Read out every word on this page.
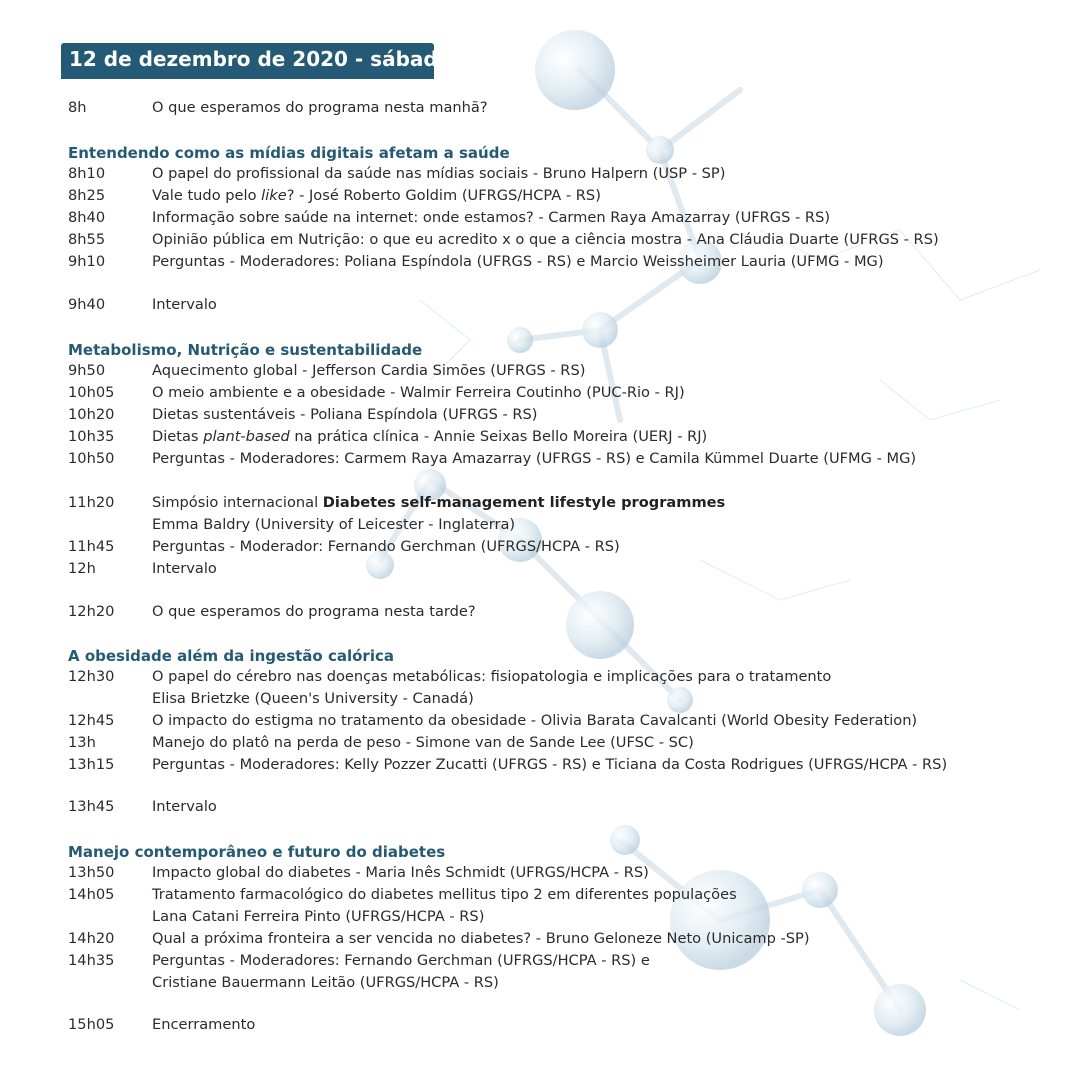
12 de dezembro de 2020 - sábado
8h	O que esperamos do programa nesta manhã?
Entendendo como as mídias digitais afetam a saúde
8h10	O papel do profissional da saúde nas mídias sociais - Bruno Halpern (USP - SP)
8h25	Vale tudo pelo like? - José Roberto Goldim (UFRGS/HCPA - RS)
8h40	Informação sobre saúde na internet: onde estamos? - Carmen Raya Amazarray (UFRGS - RS)
8h55	Opinião pública em Nutrição: o que eu acredito x o que a ciência mostra - Ana Cláudia Duarte (UFRGS - RS)
9h10	Perguntas - Moderadores: Poliana Espíndola (UFRGS - RS) e Marcio Weissheimer Lauria (UFMG - MG)
9h40	Intervalo
Metabolismo, Nutrição e sustentabilidade
9h50	Aquecimento global - Jefferson Cardia Simões (UFRGS - RS)
10h05	O meio ambiente e a obesidade - Walmir Ferreira Coutinho (PUC-Rio - RJ)
10h20	Dietas sustentáveis - Poliana Espíndola (UFRGS - RS)
10h35	Dietas plant-based na prática clínica - Annie Seixas Bello Moreira (UERJ - RJ)
10h50	Perguntas - Moderadores: Carmem Raya Amazarray (UFRGS - RS) e Camila Kümmel Duarte (UFMG - MG)
11h20	Simpósio internacional Diabetes self-management lifestyle programmes
Emma Baldry (University of Leicester - Inglaterra)
11h45	Perguntas - Moderador: Fernando Gerchman (UFRGS/HCPA - RS)
12h	Intervalo
12h20	O que esperamos do programa nesta tarde?
A obesidade além da ingestão calórica
12h30	O papel do cérebro nas doenças metabólicas: fisiopatologia e implicações para o tratamento
Elisa Brietzke (Queen's University - Canadá)
12h45	O impacto do estigma no tratamento da obesidade - Olivia Barata Cavalcanti (World Obesity Federation)
13h	Manejo do platô na perda de peso - Simone van de Sande Lee (UFSC - SC)
13h15	Perguntas - Moderadores: Kelly Pozzer Zucatti (UFRGS - RS) e Ticiana da Costa Rodrigues (UFRGS/HCPA - RS)
13h45	Intervalo
Manejo contemporâneo e futuro do diabetes
13h50	Impacto global do diabetes - Maria Inês Schmidt (UFRGS/HCPA - RS)
14h05	Tratamento farmacológico do diabetes mellitus tipo 2 em diferentes populações
Lana Catani Ferreira Pinto (UFRGS/HCPA - RS)
14h20	Qual a próxima fronteira a ser vencida no diabetes? - Bruno Geloneze Neto (Unicamp -SP)
14h35	Perguntas - Moderadores: Fernando Gerchman (UFRGS/HCPA - RS) e
Cristiane Bauermann Leitão (UFRGS/HCPA - RS)
15h05	Encerramento
